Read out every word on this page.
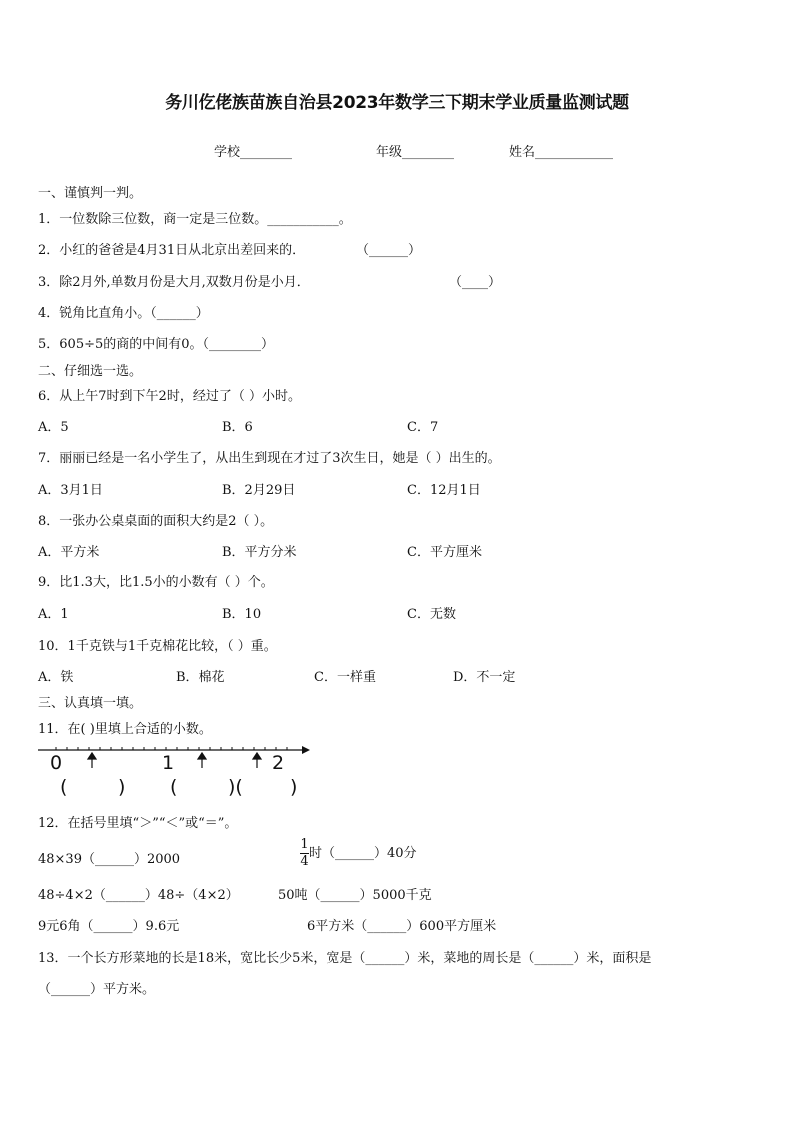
务川仡佬族苗族自治县2023年数学三下期末学业质量监测试题
学校________	年级________	姓名____________
一、谨慎判一判。
1．一位数除三位数，商一定是三位数。___________。
2．小红的爸爸是4月31日从北京出差回来的．	（______）
3．除2月外,单数月份是大月,双数月份是小月．	（____）
4．锐角比直角小。（______）
5．605÷5的商的中间有0。（________）
二、仔细选一选。
6．从上午7时到下午2时，经过了（ ）小时。
A．5	B．6	C．7
7．丽丽已经是一名小学生了，从出生到现在才过了3次生日，她是（ ）出生的。
A．3月1日	B．2月29日	C．12月1日
8．一张办公桌桌面的面积大约是2（ ）。
A．平方米	B．平方分米	C．平方厘米
9．比1.3大，比1.5小的小数有（ ）个。
A．1	B．10	C．无数
10．1千克铁与1千克棉花比较，（ ）重。
A．铁	B．棉花	C．一样重	D．不一定
三、认真填一填。
11．在( )里填上合适的小数。
0	1	2
(	) (	)( )
12．在括号里填“＞”“＜”或“＝”。
48×39（______）2000	$\frac{1}{4}$ 时（______）40分
48÷4×2（______）48÷（4×2）	50吨（______）5000千克
9元6角（______）9.6元	6平方米（______）600平方厘米
13．一个长方形菜地的长是18米，宽比长少5米，宽是（______）米，菜地的周长是（______）米，面积是
（______）平方米。
